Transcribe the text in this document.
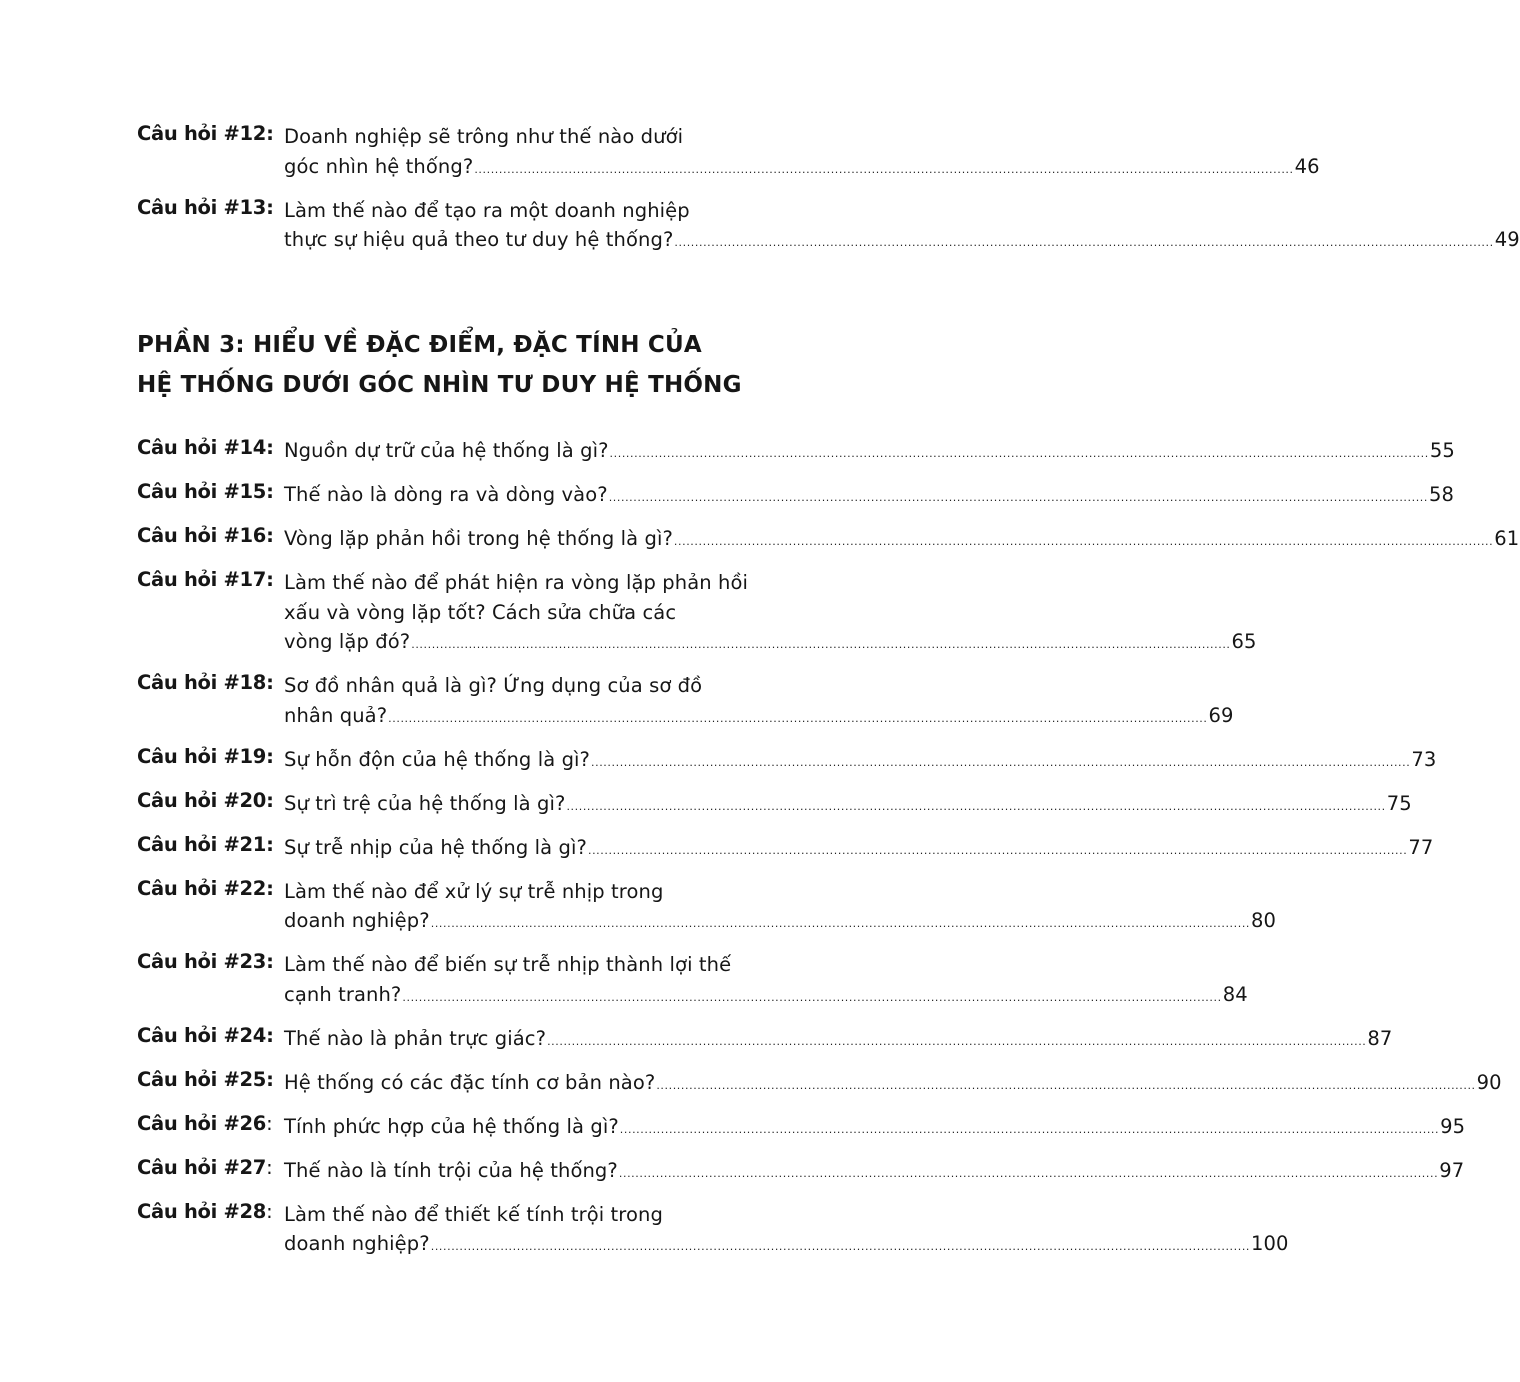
Câu hỏi #12: Doanh nghiệp sẽ trông như thế nào dưới
góc nhìn hệ thống? ........................................................................................................................................................................................................ 46
Câu hỏi #13: Làm thế nào để tạo ra một doanh nghiệp
thực sự hiệu quả theo tư duy hệ thống? ........................................................................................................................................................................................................ 49
PHẦN 3: HIỂU VỀ ĐẶC ĐIỂM, ĐẶC TÍNH CỦA
HỆ THỐNG DƯỚI GÓC NHÌN TƯ DUY HỆ THỐNG
Câu hỏi #14: Nguồn dự trữ của hệ thống là gì? ........................................................................................................................................................................................................ 55
Câu hỏi #15: Thế nào là dòng ra và dòng vào? ........................................................................................................................................................................................................ 58
Câu hỏi #16: Vòng lặp phản hồi trong hệ thống là gì? ........................................................................................................................................................................................................ 61
Câu hỏi #17: Làm thế nào để phát hiện ra vòng lặp phản hồi
xấu và vòng lặp tốt? Cách sửa chữa các
vòng lặp đó? ........................................................................................................................................................................................................ 65
Câu hỏi #18: Sơ đồ nhân quả là gì? Ứng dụng của sơ đồ
nhân quả? ........................................................................................................................................................................................................ 69
Câu hỏi #19: Sự hỗn độn của hệ thống là gì? ........................................................................................................................................................................................................ 73
Câu hỏi #20: Sự trì trệ của hệ thống là gì? ........................................................................................................................................................................................................ 75
Câu hỏi #21: Sự trễ nhịp của hệ thống là gì? ........................................................................................................................................................................................................ 77
Câu hỏi #22: Làm thế nào để xử lý sự trễ nhịp trong
doanh nghiệp? ........................................................................................................................................................................................................ 80
Câu hỏi #23: Làm thế nào để biến sự trễ nhịp thành lợi thế
cạnh tranh? ........................................................................................................................................................................................................ 84
Câu hỏi #24: Thế nào là phản trực giác? ........................................................................................................................................................................................................ 87
Câu hỏi #25: Hệ thống có các đặc tính cơ bản nào? ........................................................................................................................................................................................................ 90
Câu hỏi #26: Tính phức hợp của hệ thống là gì? ........................................................................................................................................................................................................ 95
Câu hỏi #27: Thế nào là tính trội của hệ thống? ........................................................................................................................................................................................................ 97
Câu hỏi #28: Làm thế nào để thiết kế tính trội trong
doanh nghiệp? ........................................................................................................................................................................................................ 100
